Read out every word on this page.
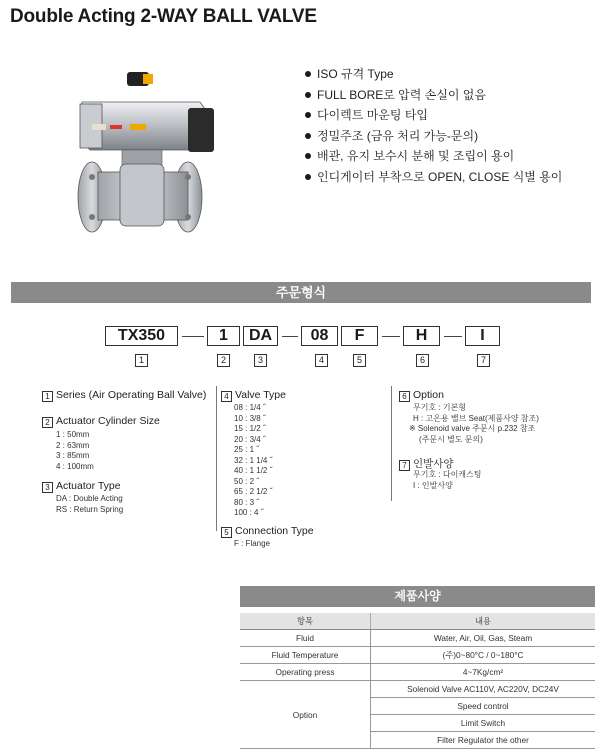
Double Acting 2-WAY BALL VALVE
ISO 규격 Type
FULL BORE로 압력 손실이 없음
다이렉트 마운팅 타입
정밀주조 (금유 처리 가능-문의)
배관, 유지 보수시 분해 및 조립이 용이
인디게이터 부착으로 OPEN, CLOSE 식별 용이
주문형식
TX350	1	DA	08	F	H	I
1	2	3	4	5	6	7
1 Series (Air Operating Ball Valve)
2 Actuator Cylinder Size
1 : 50mm
2 : 63mm
3 : 85mm
4 : 100mm
3 Actuator Type
DA : Double Acting
RS : Return Spring
4 Valve Type
08 : 1/4 ˝
10 : 3/8 ˝
15 : 1/2 ˝
20 : 3/4 ˝
25 : 1 ˝
32 : 1 1/4 ˝
40 : 1 1/2 ˝
50 : 2 ˝
65 : 2 1/2 ˝
80 : 3 ˝
100 : 4 ˝
5 Connection Type
F : Flange
6 Option
무기호 : 기본형
H : 고온용 밸브 Seat(제품사양 참조)
※ Solenoid valve 주문시 p.232 참조
(주문시 별도 문의)
7 인발사양
무기호 : 다이캐스팅
I : 인발사양
제품사양
항목	내용
Fluid	Water, Air, Oil, Gas, Steam
Fluid Temperature	(주)0~80°C / 0~180°C
Operating press	4~7Kg/cm²
Option	Solenoid Valve AC110V, AC220V, DC24V
	Speed control
	Limit Switch
	Filter Regulator the other
